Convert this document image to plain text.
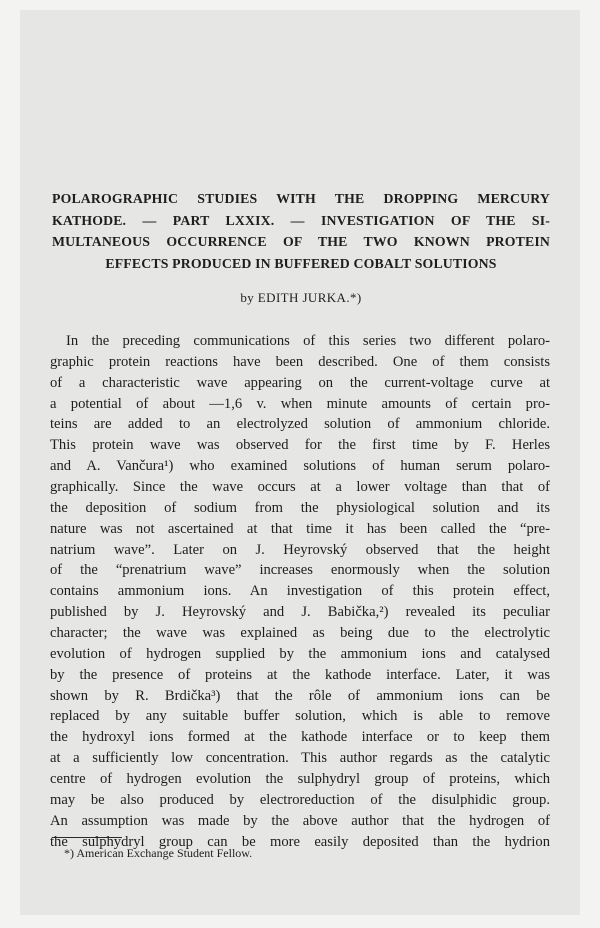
POLAROGRAPHIC STUDIES WITH THE DROPPING MERCURY
KATHODE. — PART LXXIX. — INVESTIGATION OF THE SI-
MULTANEOUS OCCURRENCE OF THE TWO KNOWN PROTEIN
EFFECTS PRODUCED IN BUFFERED COBALT SOLUTIONS
by EDITH JURKA.*)
In the preceding communications of this series two different polaro-
graphic protein reactions have been described. One of them consists
of a characteristic wave appearing on the current-voltage curve at
a potential of about —1,6 v. when minute amounts of certain pro-
teins are added to an electrolyzed solution of ammonium chloride.
This protein wave was observed for the first time by F. Herles
and A. Vančura¹) who examined solutions of human serum polaro-
graphically. Since the wave occurs at a lower voltage than that of
the deposition of sodium from the physiological solution and its
nature was not ascertained at that time it has been called the “pre-
natrium wave”. Later on J. Heyrovský observed that the height
of the “prenatrium wave” increases enormously when the solution
contains ammonium ions. An investigation of this protein effect,
published by J. Heyrovský and J. Babička,²) revealed its peculiar
character; the wave was explained as being due to the electrolytic
evolution of hydrogen supplied by the ammonium ions and catalysed
by the presence of proteins at the kathode interface. Later, it was
shown by R. Brdička³) that the rôle of ammonium ions can be
replaced by any suitable buffer solution, which is able to remove
the hydroxyl ions formed at the kathode interface or to keep them
at a sufficiently low concentration. This author regards as the catalytic
centre of hydrogen evolution the sulphydryl group of proteins, which
may be also produced by electroreduction of the disulphidic group.
An assumption was made by the above author that the hydrogen of
the sulphydryl group can be more easily deposited than the hydrion
*) American Exchange Student Fellow.
